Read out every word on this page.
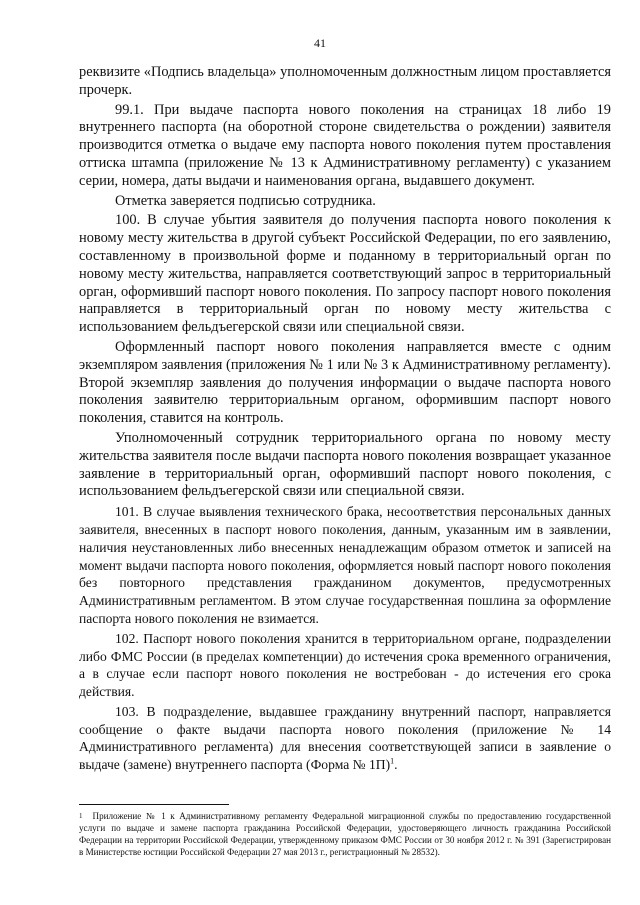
41

реквизите «Подпись владельца» уполномоченным должностным лицом проставляется прочерк.

99.1. При выдаче паспорта нового поколения на страницах 18 либо 19 внутреннего паспорта (на оборотной стороне свидетельства о рождении) заявителя производится отметка о выдаче ему паспорта нового поколения путем проставления оттиска штампа (приложение № 13 к Административному регламенту) с указанием серии, номера, даты выдачи и наименования органа, выдавшего документ.

Отметка заверяется подписью сотрудника.

100. В случае убытия заявителя до получения паспорта нового поколения к новому месту жительства в другой субъект Российской Федерации, по его заявлению, составленному в произвольной форме и поданному в территориальный орган по новому месту жительства, направляется соответствующий запрос в территориальный орган, оформивший паспорт нового поколения. По запросу паспорт нового поколения направляется в территориальный орган по новому месту жительства с использованием фельдъегерской связи или специальной связи.

Оформленный паспорт нового поколения направляется вместе с одним экземпляром заявления (приложения № 1 или № 3 к Административному регламенту). Второй экземпляр заявления до получения информации о выдаче паспорта нового поколения заявителю территориальным органом, оформившим паспорт нового поколения, ставится на контроль.

Уполномоченный сотрудник территориального органа по новому месту жительства заявителя после выдачи паспорта нового поколения возвращает указанное заявление в территориальный орган, оформивший паспорт нового поколения, с использованием фельдъегерской связи или специальной связи.

101. В случае выявления технического брака, несоответствия персональных данных заявителя, внесенных в паспорт нового поколения, данным, указанным им в заявлении, наличия неустановленных либо внесенных ненадлежащим образом отметок и записей на момент выдачи паспорта нового поколения, оформляется новый паспорт нового поколения без повторного представления гражданином документов, предусмотренных Административным регламентом. В этом случае государственная пошлина за оформление паспорта нового поколения не взимается.

102. Паспорт нового поколения хранится в территориальном органе, подразделении либо ФМС России (в пределах компетенции) до истечения срока временного ограничения, а в случае если паспорт нового поколения не востребован - до истечения его срока действия.

103. В подразделение, выдавшее гражданину внутренний паспорт, направляется сообщение о факте выдачи паспорта нового поколения (приложение № 14 Административного регламента) для внесения соответствующей записи в заявление о выдаче (замене) внутреннего паспорта (Форма № 1П)$^1$.

$^1$ Приложение № 1 к Административному регламенту Федеральной миграционной службы по предоставлению государственной услуги по выдаче и замене паспорта гражданина Российской Федерации, удостоверяющего личность гражданина Российской Федерации на территории Российской Федерации, утвержденному приказом ФМС России от 30 ноября 2012 г. № 391 (Зарегистрирован в Министерстве юстиции Российской Федерации 27 мая 2013 г., регистрационный № 28532).
